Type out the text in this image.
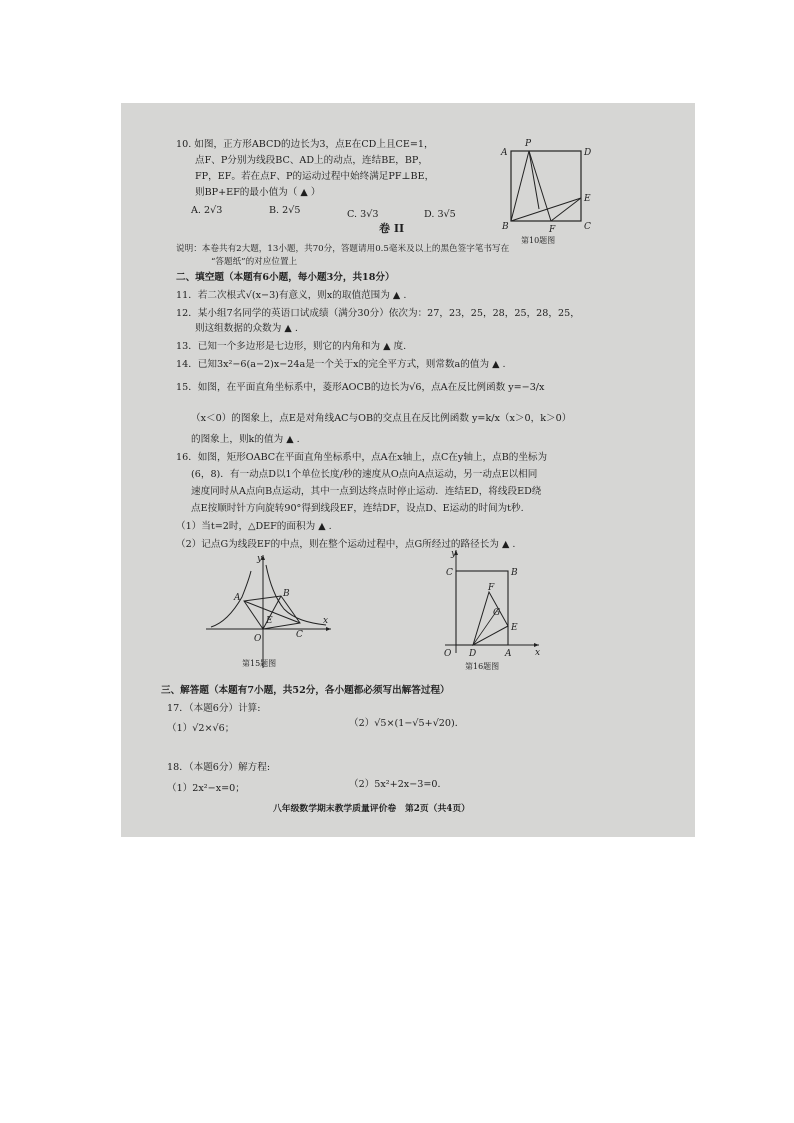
10. 如图，正方形ABCD的边长为3，点E在CD上且CE=1，
点F、P分别为线段BC、AD上的动点，连结BE，BP，
FP，EF。若在点F、P的运动过程中始终满足PF⊥BE，
则BP+EF的最小值为（ ▲ ）
A. 2√3	B. 2√5	C. 3√3	D. 3√5
A
P
D
E
B	F	C
第10题图
卷 II
说明：本卷共有2大题，13小题，共70分，答题请用0.5毫米及以上的黑色签字笔书写在
“答题纸”的对应位置上
二、填空题（本题有6小题，每小题3分，共18分）
11．若二次根式√(x−3)有意义，则x的取值范围为 ▲ .
12．某小组7名同学的英语口试成绩（满分30分）依次为：27，23，25，28，25，28，25，
则这组数据的众数为 ▲ .
13．已知一个多边形是七边形，则它的内角和为 ▲ 度.
14．已知3x²−6(a−2)x−24a是一个关于x的完全平方式，则常数a的值为 ▲ .
15．如图，在平面直角坐标系中，菱形AOCB的边长为√6，点A在反比例函数 y=−3/x
（x＜0）的图象上，点E是对角线AC与OB的交点且在反比例函数 y=k/x（x＞0，k＞0）
的图象上，则k的值为 ▲ .
16．如图，矩形OABC在平面直角坐标系中，点A在x轴上，点C在y轴上，点B的坐标为
(6，8)．有一动点D以1个单位长度/秒的速度从O点向A点运动，另一动点E以相同
速度同时从A点向B点运动，其中一点到达终点时停止运动．连结ED，将线段ED绕
点E按顺时针方向旋转90°得到线段EF，连结DF，设点D、E运动的时间为t秒.
（1）当t=2时，△DEF的面积为 ▲ .
（2）记点G为线段EF的中点，则在整个运动过程中，点G所经过的路径长为 ▲ .
y
A	B
E
O	C
x
第15题图
y
C	B
F
G
E
O D	A	x
第16题图
三、解答题（本题有7小题，共52分，各小题都必须写出解答过程）
17．（本题6分）计算:
（1）√2×√6；	（2）√5×(1−√5+√20)．
18．（本题6分）解方程:
（1）2x²−x=0；	（2）5x²+2x−3=0．
八年级数学期末教学质量评价卷　第2页（共4页）
